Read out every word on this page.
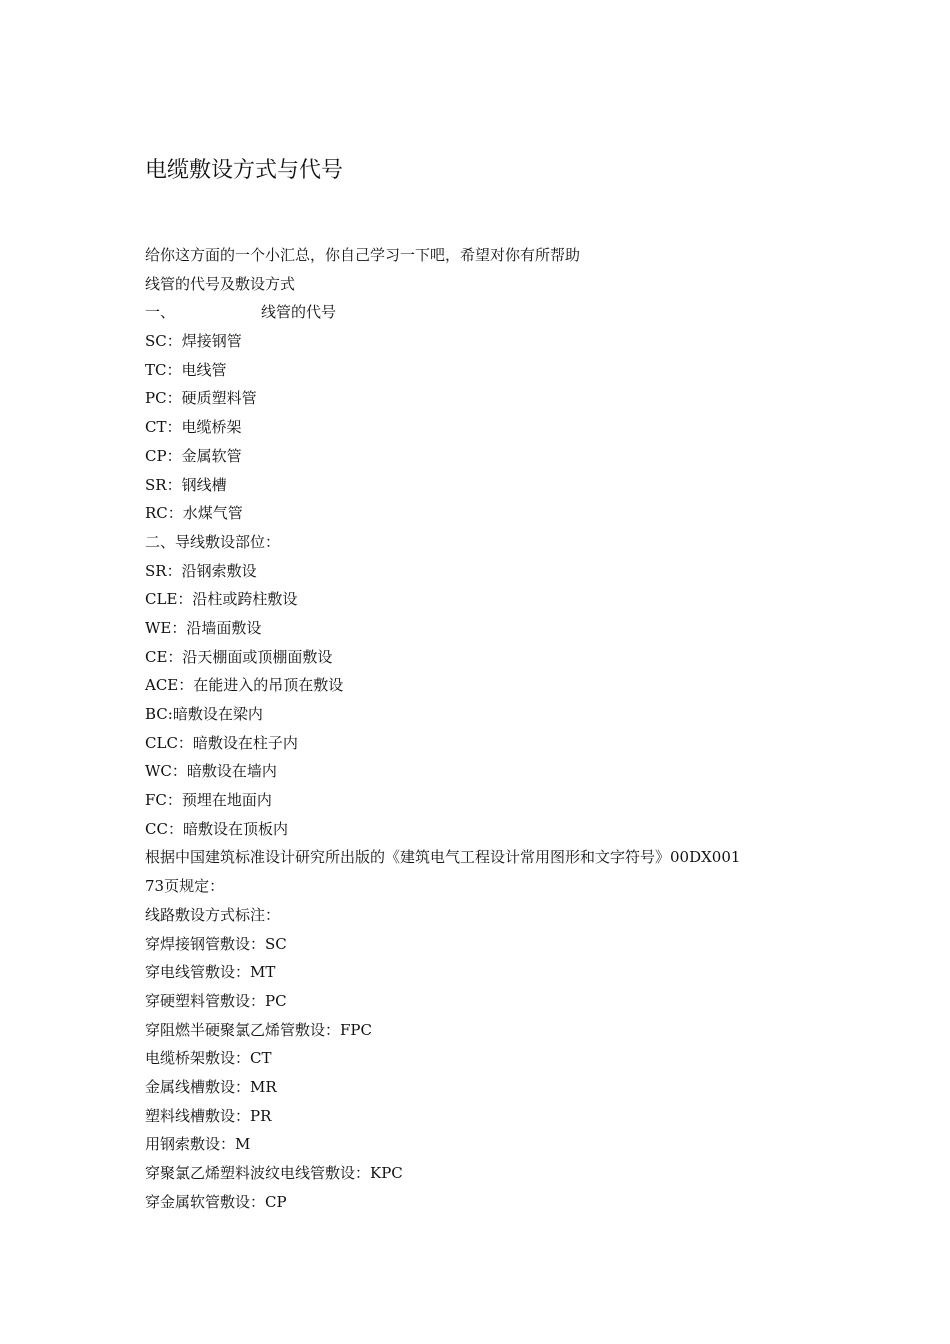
电缆敷设方式与代号
给你这方面的一个小汇总，你自己学习一下吧，希望对你有所帮助
线管的代号及敷设方式
一、	线管的代号
SC：焊接钢管
TC：电线管
PC：硬质塑料管
CT：电缆桥架
CP：金属软管
SR：钢线槽
RC：水煤气管
二、导线敷设部位：
SR：沿钢索敷设
CLE：沿柱或跨柱敷设
WE：沿墙面敷设
CE：沿天棚面或顶棚面敷设
ACE：在能进入的吊顶在敷设
BC:暗敷设在梁内
CLC：暗敷设在柱子内
WC：暗敷设在墙内
FC：预埋在地面内
CC：暗敷设在顶板内
根据中国建筑标准设计研究所出版的《建筑电气工程设计常用图形和文字符号》00DX001
73页规定：
线路敷设方式标注：
穿焊接钢管敷设：SC
穿电线管敷设：MT
穿硬塑料管敷设：PC
穿阻燃半硬聚氯乙烯管敷设：FPC
电缆桥架敷设：CT
金属线槽敷设：MR
塑料线槽敷设：PR
用钢索敷设：M
穿聚氯乙烯塑料波纹电线管敷设：KPC
穿金属软管敷设：CP
